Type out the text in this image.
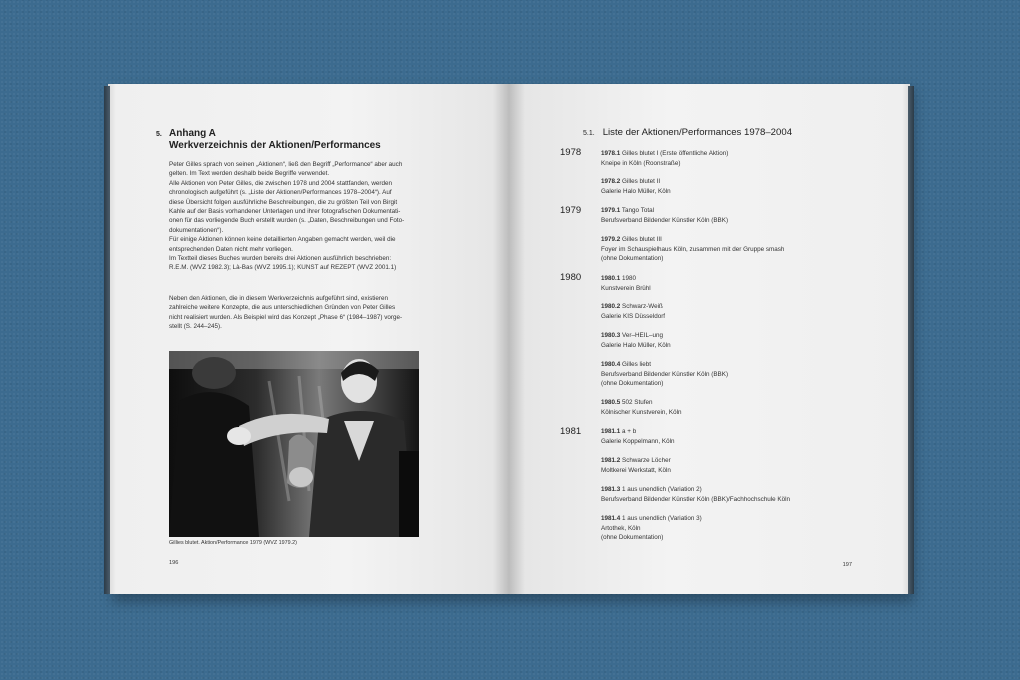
5. Anhang A
Werkverzeichnis der Aktionen/Performances

Peter Gilles sprach von seinen „Aktionen“, ließ den Begriff „Performance“ aber auch

gelten. Im Text werden deshalb beide Begriffe verwendet.

Alle Aktionen von Peter Gilles, die zwischen 1978 und 2004 stattfanden, werden

chronologisch aufgeführt (s. „Liste der Aktionen/Performances 1978–2004“). Auf

diese Übersicht folgen ausführliche Beschreibungen, die zu größten Teil von Birgit

Kahle auf der Basis vorhandener Unterlagen und ihrer fotografischen Dokumentati-

onen für das vorliegende Buch erstellt wurden (s. „Daten, Beschreibungen und Foto-

dokumentationen“).

Für einige Aktionen können keine detaillierten Angaben gemacht werden, weil die

entsprechenden Daten nicht mehr vorliegen.

Im Textteil dieses Buches wurden bereits drei Aktionen ausführlich beschrieben:

R.E.M. (WVZ 1982.3); Là-Bas (WVZ 1995.1); KUNST auf REZEPT (WVZ 2001.1)

Neben den Aktionen, die in diesem Werkverzeichnis aufgeführt sind, existieren

zahlreiche weitere Konzepte, die aus unterschiedlichen Gründen von Peter Gilles

nicht realisiert wurden. Als Beispiel wird das Konzept „Phase 6“ (1984–1987) vorge-

stellt (S. 244–245).

Gillies blutet. Aktion/Performance 1979 (WVZ 1979.2)
196
5.1. Liste der Aktionen/Performances 1978–2004
1978
1979
1980
1981
1978.1 Gilles blutet I (Erste öffentliche Aktion)
Kneipe in Köln (Roonstraße)
1978.2 Gilles blutet II
Galerie Halo Müller, Köln
1979.1 Tango Total
Berufsverband Bildender Künstler Köln (BBK)
1979.2 Gilles blutet III
Foyer im Schauspielhaus Köln, zusammen mit der Gruppe smash
(ohne Dokumentation)
1980.1 1980
Kunstverein Brühl
1980.2 Schwarz-Weiß
Galerie KIS Düsseldorf
1980.3 Ver–HEIL–ung
Galerie Halo Müller, Köln
1980.4 Gilles liebt
Berufsverband Bildender Künstler Köln (BBK)
(ohne Dokumentation)
1980.5 502 Stufen
Kölnischer Kunstverein, Köln
1981.1 a + b
Galerie Koppelmann, Köln
1981.2 Schwarze Löcher
Moltkerei Werkstatt, Köln
1981.3 1 aus unendlich (Variation 2)
Berufsverband Bildender Künstler Köln (BBK)/Fachhochschule Köln
1981.4 1 aus unendlich (Variation 3)
Artothek, Köln
(ohne Dokumentation)
197
